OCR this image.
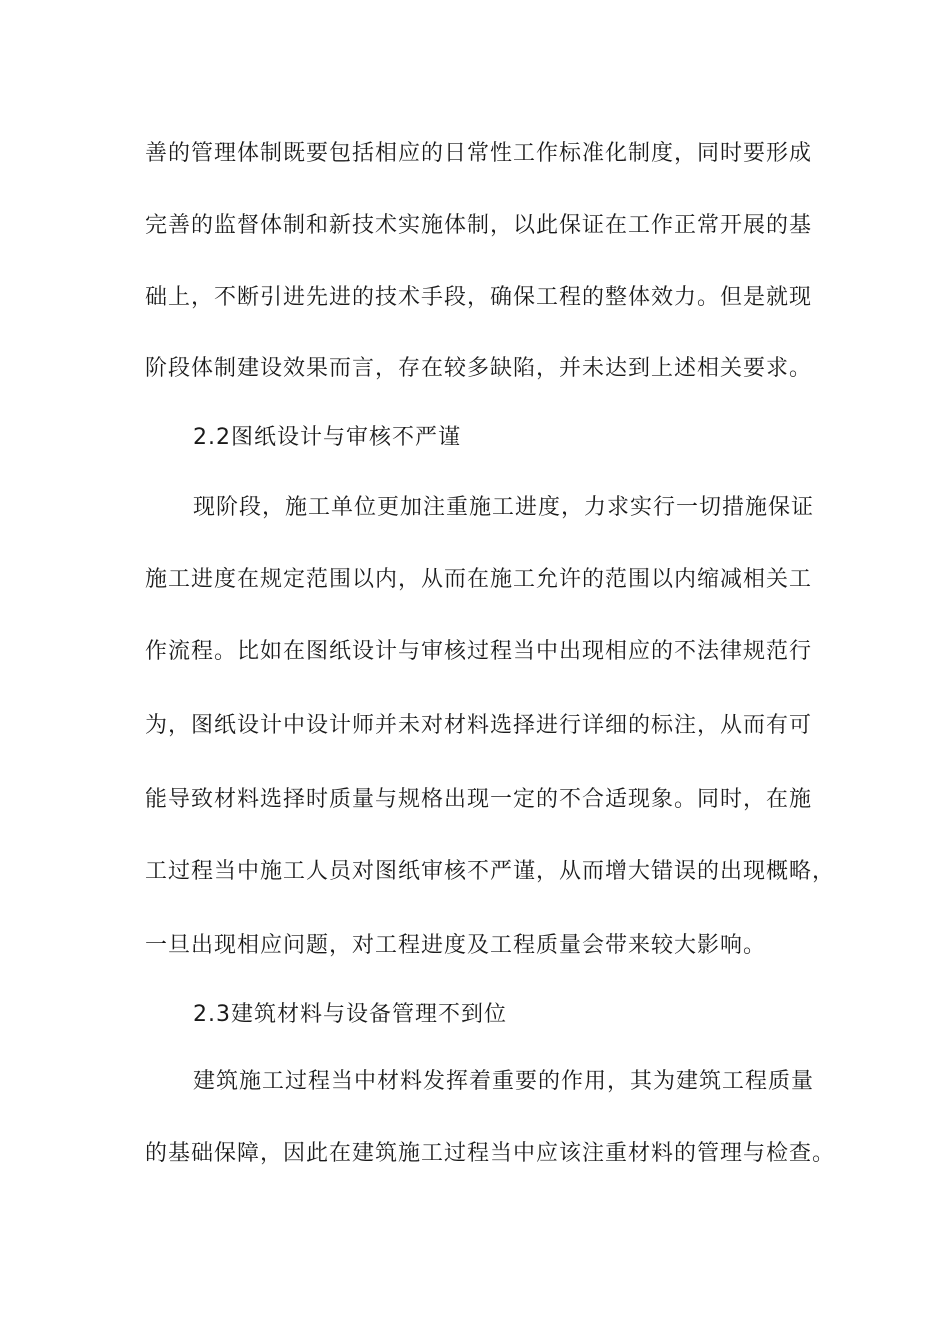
善的管理体制既要包括相应的日常性工作标准化制度，同时要形成
完善的监督体制和新技术实施体制，以此保证在工作正常开展的基
础上，不断引进先进的技术手段，确保工程的整体效力。但是就现
阶段体制建设效果而言，存在较多缺陷，并未达到上述相关要求。
2.2图纸设计与审核不严谨
现阶段，施工单位更加注重施工进度，力求实行一切措施保证
施工进度在规定范围以内，从而在施工允许的范围以内缩减相关工
作流程。比如在图纸设计与审核过程当中出现相应的不法律规范行
为，图纸设计中设计师并未对材料选择进行详细的标注，从而有可
能导致材料选择时质量与规格出现一定的不合适现象。同时，在施
工过程当中施工人员对图纸审核不严谨，从而增大错误的出现概略，
一旦出现相应问题，对工程进度及工程质量会带来较大影响。
2.3建筑材料与设备管理不到位
建筑施工过程当中材料发挥着重要的作用，其为建筑工程质量
的基础保障，因此在建筑施工过程当中应该注重材料的管理与检查。
